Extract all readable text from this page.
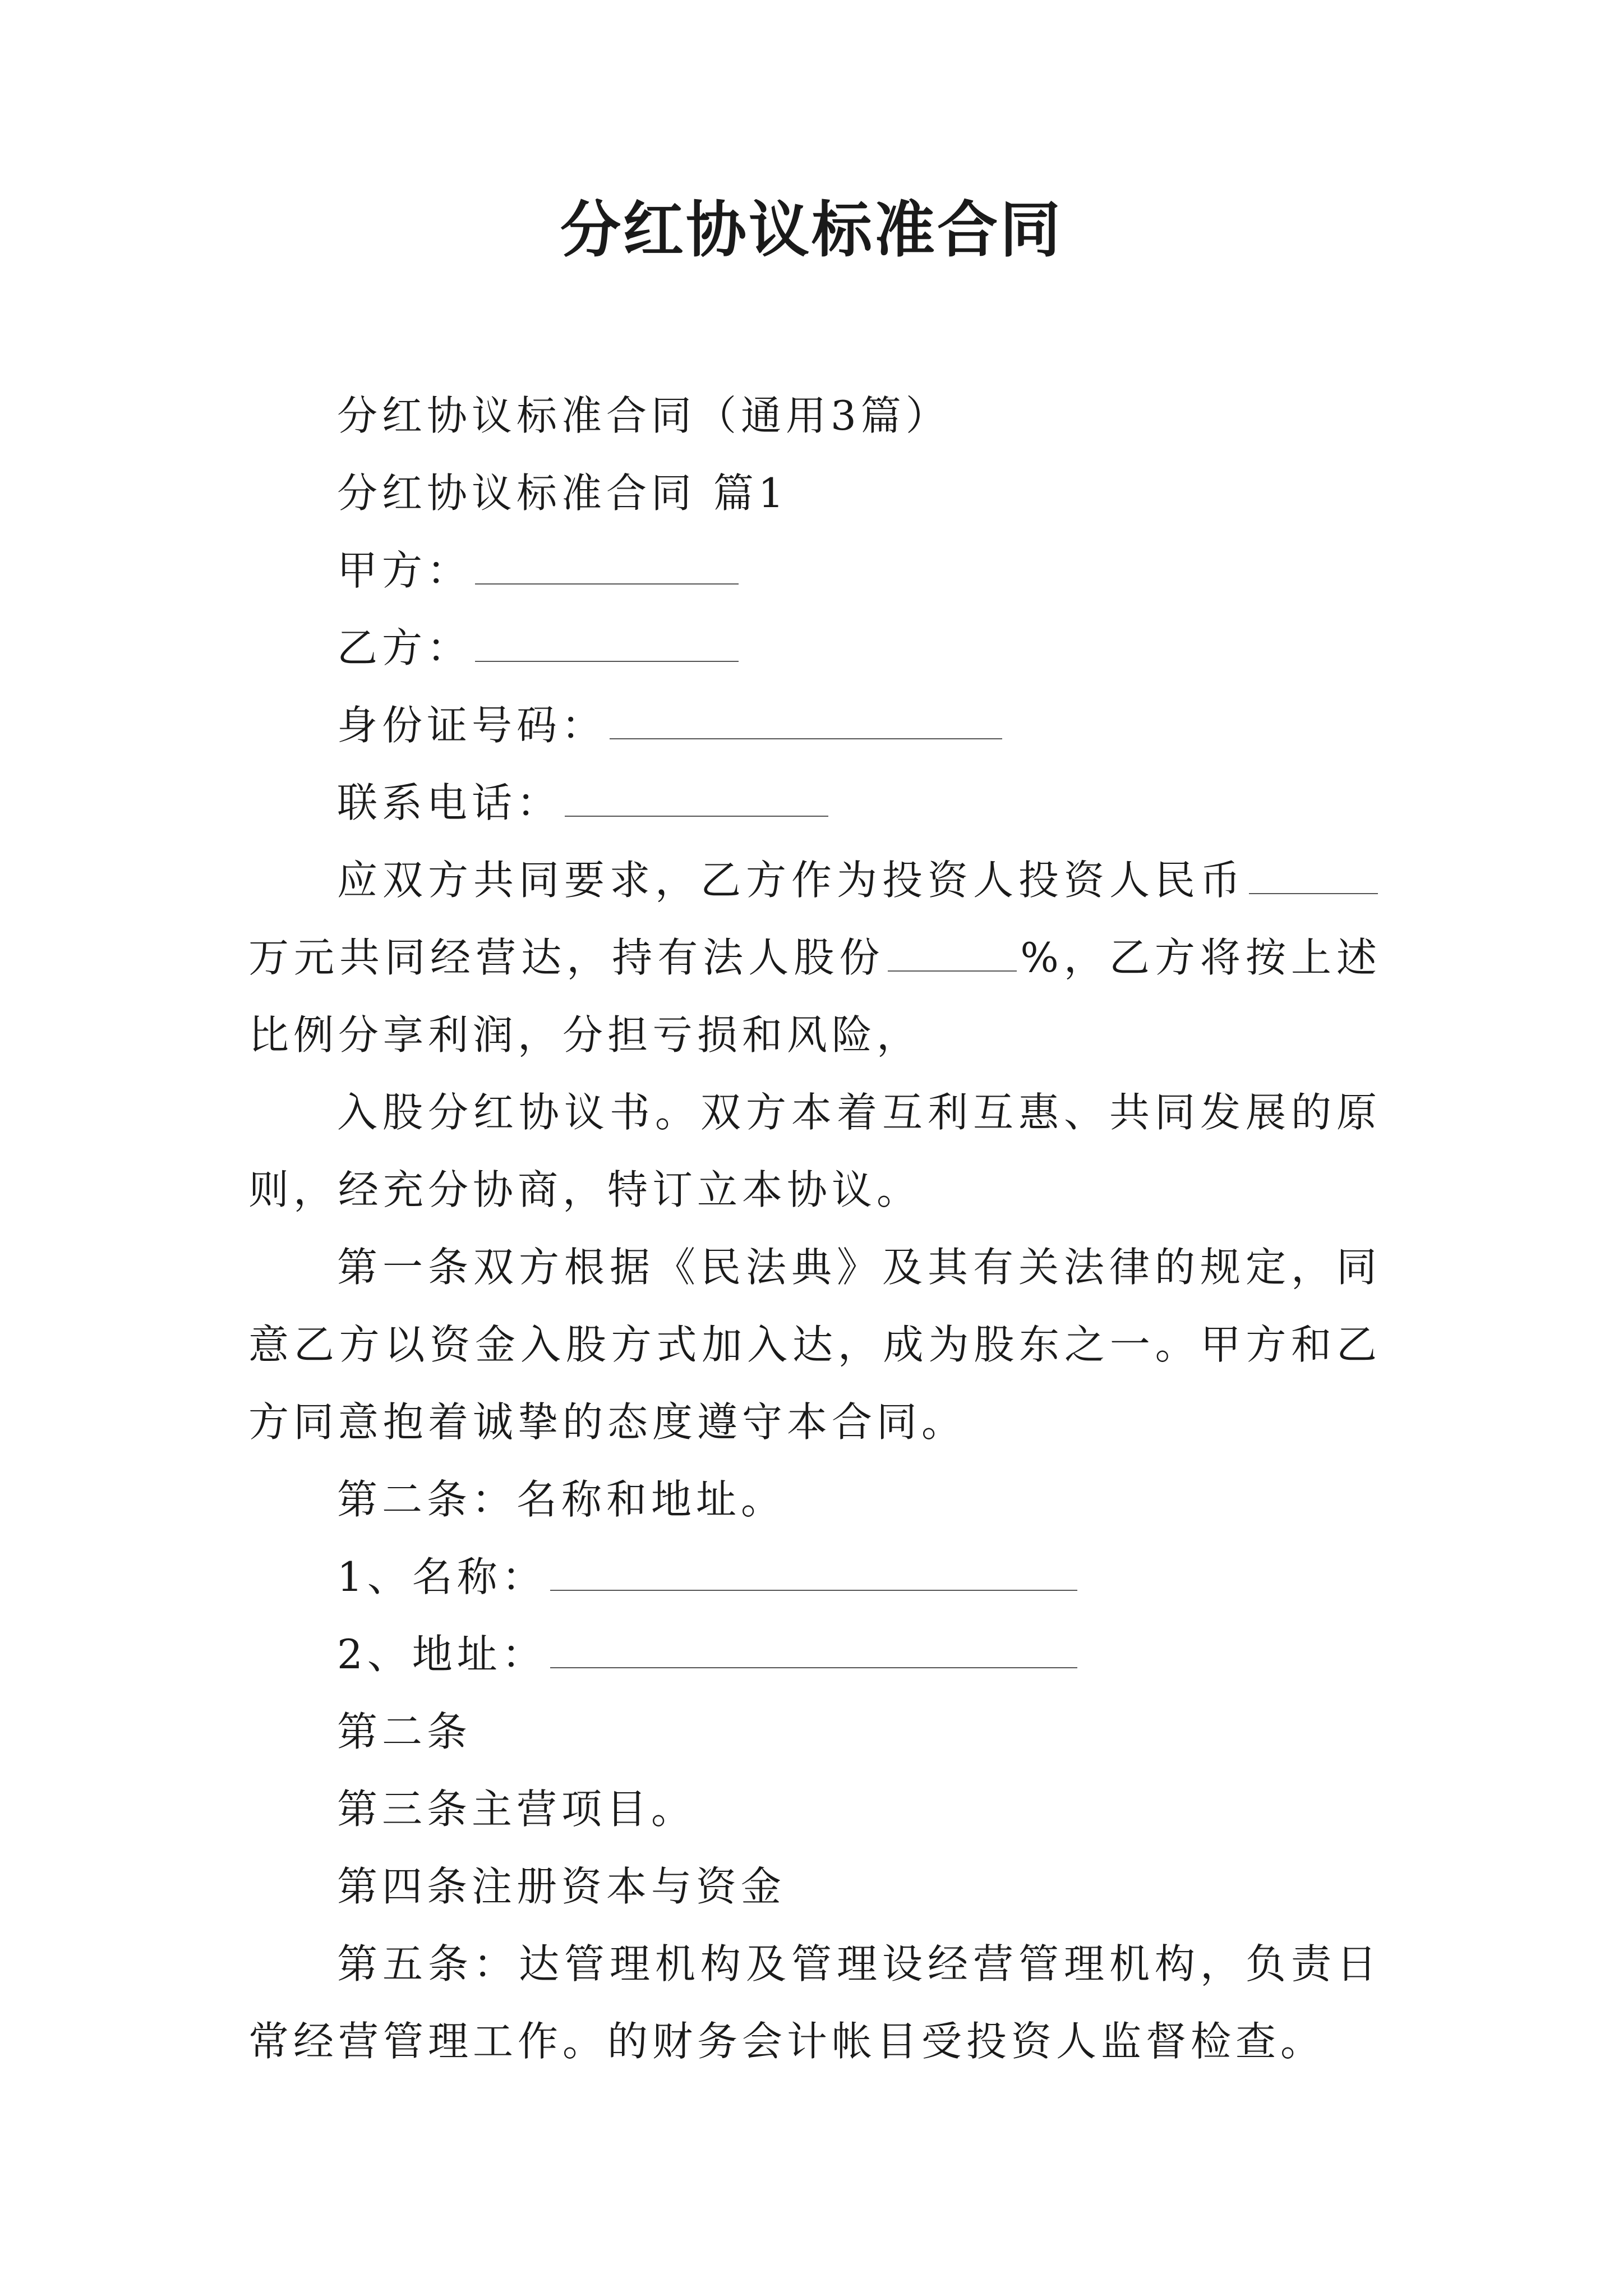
分红协议标准合同

分红协议标准合同（通用3篇）

分红协议标准合同 篇1

甲方：

乙方：

身份证号码：

联系电话：

应双方共同要求，乙方作为投资人投资人民币万元共同经营达，持有法人股份	%，乙方将按上述比例分享利润，分担亏损和风险，

入股分红协议书。双方本着互利互惠、共同发展的原则，经充分协商，特订立本协议。

第一条双方根据《民法典》及其有关法律的规定，同意乙方以资金入股方式加入达，成为股东之一。甲方和乙方同意抱着诚挚的态度遵守本合同。

第二条：名称和地址。

1、名称：

2、地址：

第二条

第三条主营项目。

第四条注册资本与资金

第五条：达管理机构及管理设经营管理机构，负责日常经营管理工作。的财务会计帐目受投资人监督检查。
